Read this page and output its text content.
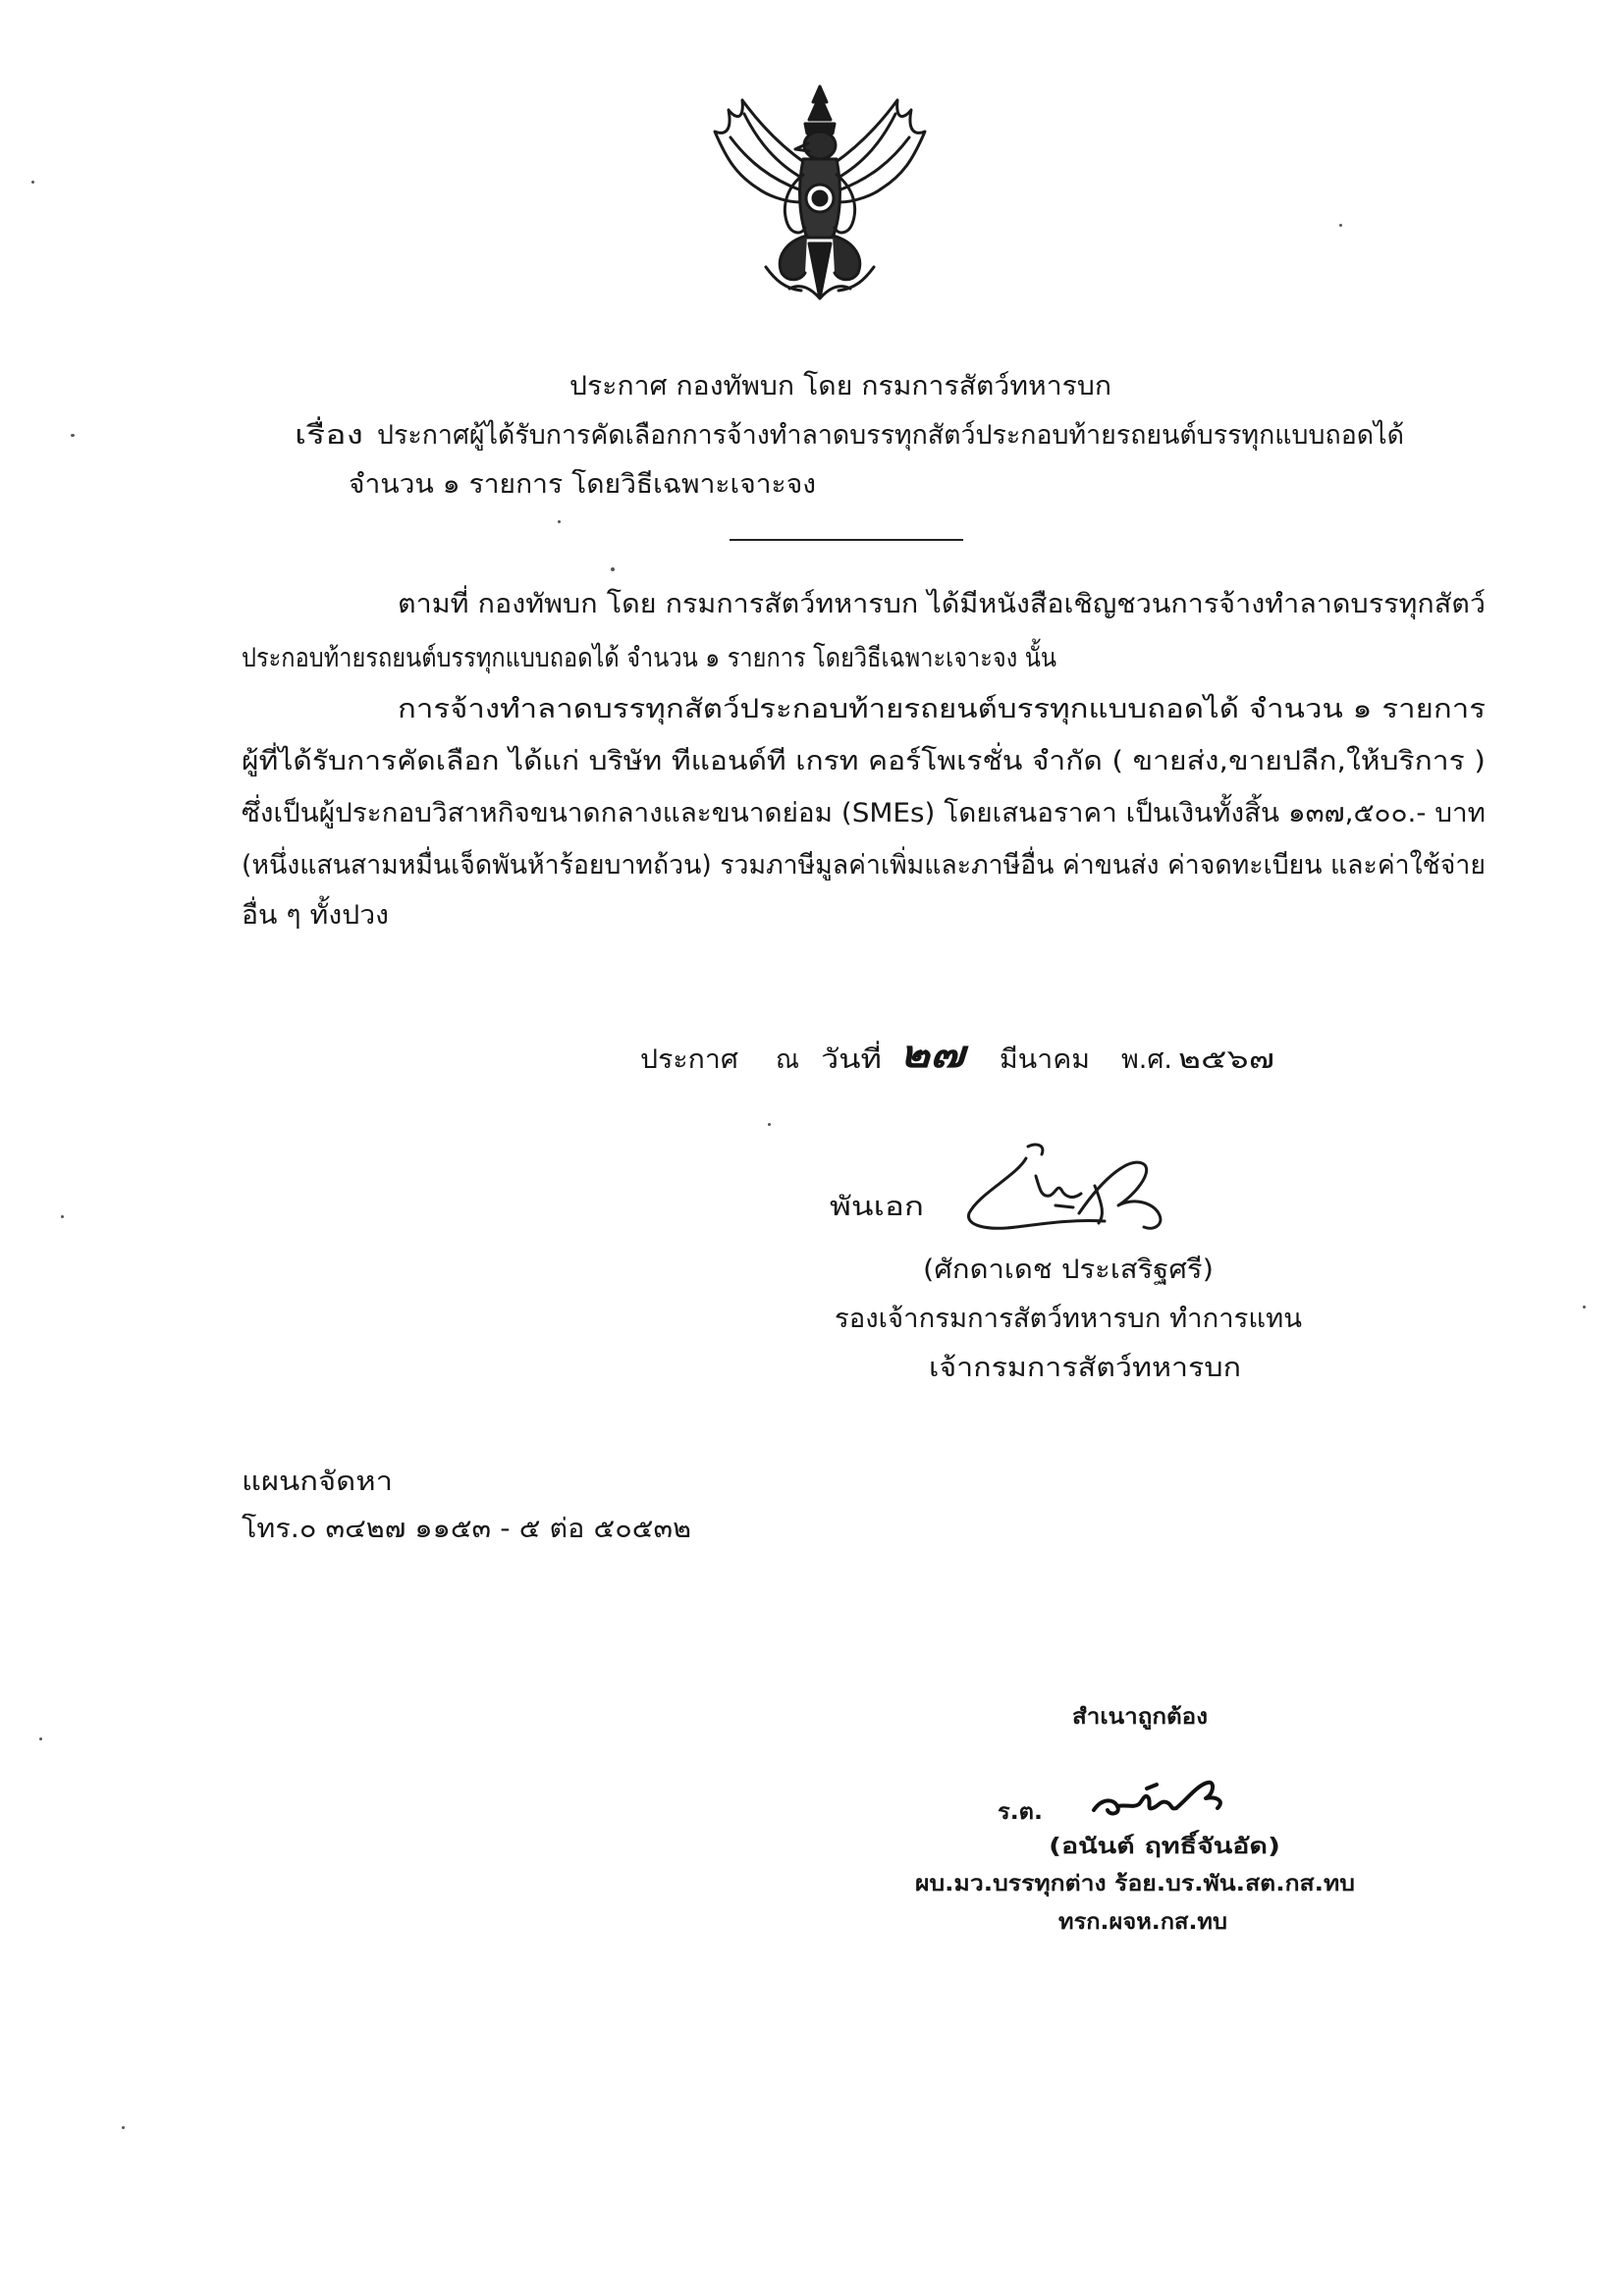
ประกาศ กองทัพบก โดย กรมการสัตว์ทหารบก
เรื่อง ประกาศผู้ได้รับการคัดเลือกการจ้างทำลาดบรรทุกสัตว์ประกอบท้ายรถยนต์บรรทุกแบบถอดได้
จำนวน ๑ รายการ โดยวิธีเฉพาะเจาะจง
ตามที่ กองทัพบก โดย กรมการสัตว์ทหารบก ได้มีหนังสือเชิญชวนการจ้างทำลาดบรรทุกสัตว์
ประกอบท้ายรถยนต์บรรทุกแบบถอดได้ จำนวน ๑ รายการ โดยวิธีเฉพาะเจาะจง นั้น
การจ้างทำลาดบรรทุกสัตว์ประกอบท้ายรถยนต์บรรทุกแบบถอดได้ จำนวน ๑ รายการ
ผู้ที่ได้รับการคัดเลือก ได้แก่ บริษัท ทีแอนด์ที เกรท คอร์โพเรชั่น จำกัด ( ขายส่ง,ขายปลีก,ให้บริการ )
ซึ่งเป็นผู้ประกอบวิสาหกิจขนาดกลางและขนาดย่อม (SMEs) โดยเสนอราคา เป็นเงินทั้งสิ้น ๑๓๗,๕๐๐.- บาท
(หนึ่งแสนสามหมื่นเจ็ดพันห้าร้อยบาทถ้วน) รวมภาษีมูลค่าเพิ่มและภาษีอื่น ค่าขนส่ง ค่าจดทะเบียน และค่าใช้จ่าย
อื่น ๆ ทั้งปวง
ประกาศ ณ วันที่ ๒๗ มีนาคม พ.ศ. ๒๕๖๗
พันเอก
(ศักดาเดช ประเสริฐศรี)
รองเจ้ากรมการสัตว์ทหารบก ทำการแทน
เจ้ากรมการสัตว์ทหารบก
แผนกจัดหา
โทร.๐ ๓๔๒๗ ๑๑๕๓ - ๕ ต่อ ๕๐๕๓๒
สำเนาถูกต้อง
ร.ต.
(อนันต์ ฤทธิ์จันอัด)
ผบ.มว.บรรทุกต่าง ร้อย.บร.พัน.สต.กส.ทบ
ทรก.ผจห.กส.ทบ
